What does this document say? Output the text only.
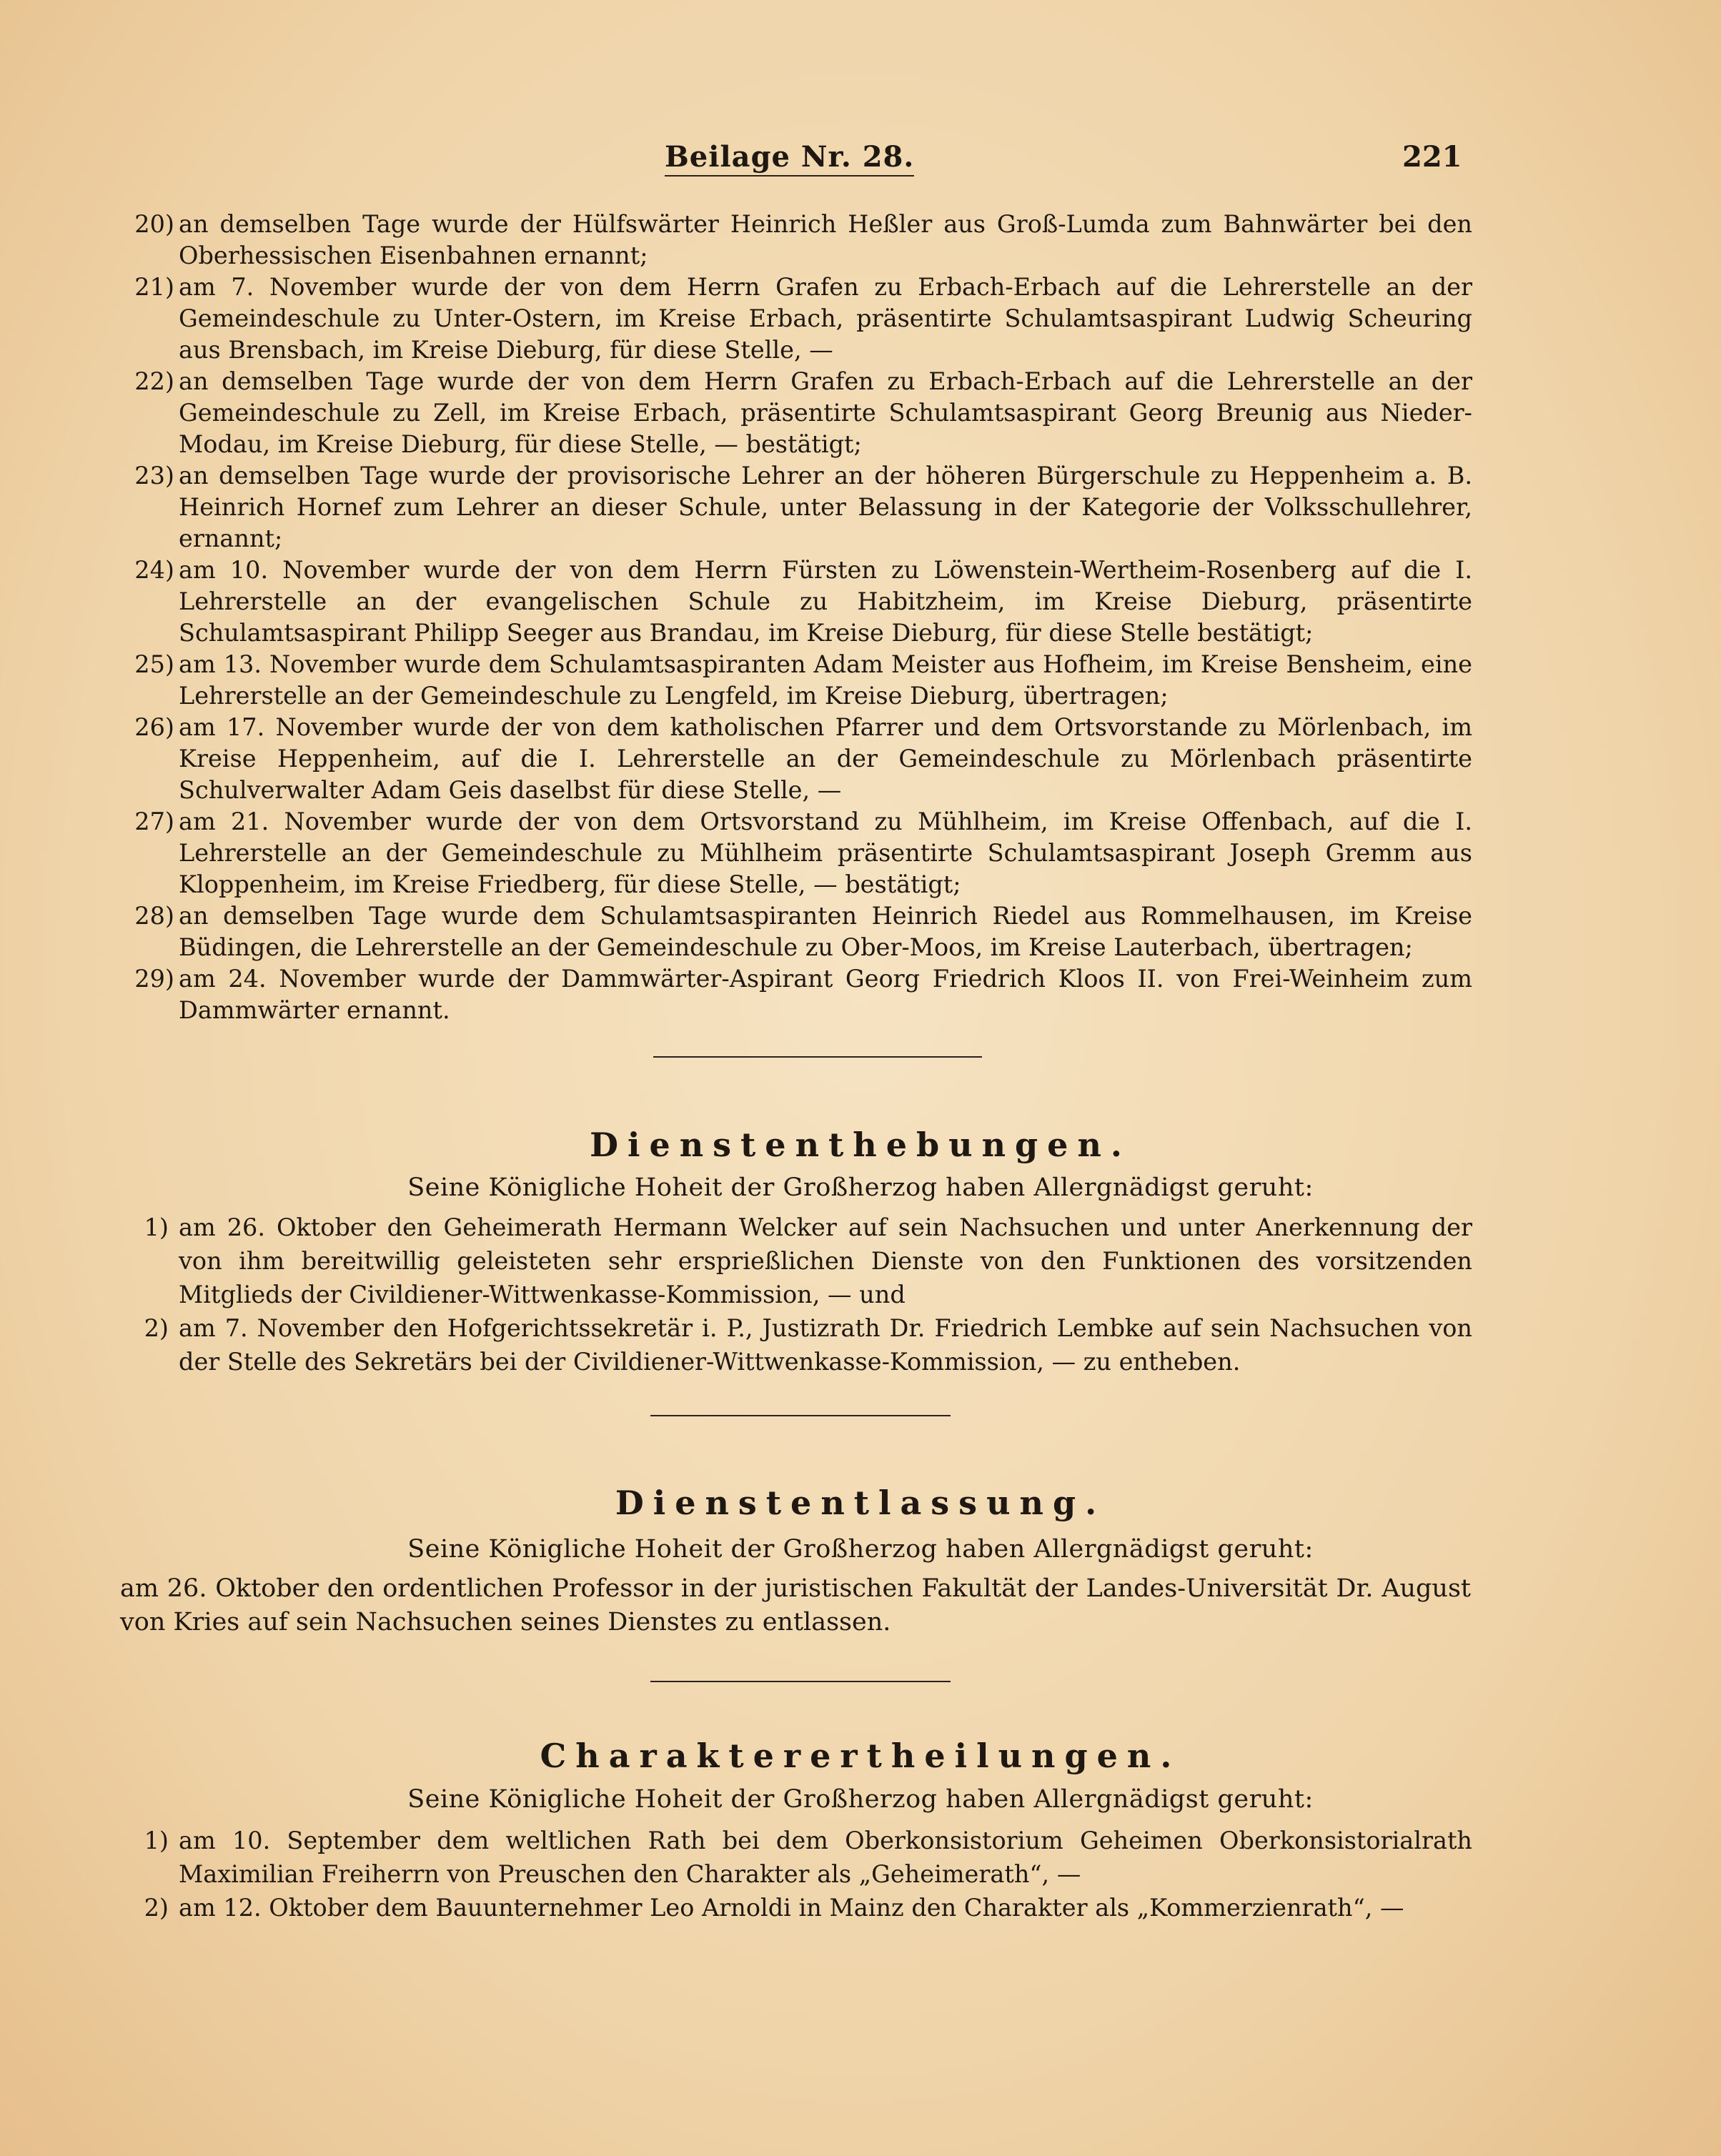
Beilage Nr. 28.	221
20) an demselben Tage wurde der Hülfswärter Heinrich Heßler aus Groß-Lumda zum Bahnwärter bei den Oberhessischen Eisenbahnen ernannt;
21) am 7. November wurde der von dem Herrn Grafen zu Erbach-Erbach auf die Lehrerstelle an der Gemeindeschule zu Unter-Ostern, im Kreise Erbach, präsentirte Schulamtsaspirant Ludwig Scheuring aus Brensbach, im Kreise Dieburg, für diese Stelle, —
22) an demselben Tage wurde der von dem Herrn Grafen zu Erbach-Erbach auf die Lehrerstelle an der Gemeindeschule zu Zell, im Kreise Erbach, präsentirte Schulamtsaspirant Georg Breunig aus Nieder-Modau, im Kreise Dieburg, für diese Stelle, — bestätigt;
23) an demselben Tage wurde der provisorische Lehrer an der höheren Bürgerschule zu Heppenheim a. B. Heinrich Hornef zum Lehrer an dieser Schule, unter Belassung in der Kategorie der Volksschullehrer, ernannt;
24) am 10. November wurde der von dem Herrn Fürsten zu Löwenstein-Wertheim-Rosenberg auf die I. Lehrerstelle an der evangelischen Schule zu Habitzheim, im Kreise Dieburg, präsentirte Schulamtsaspirant Philipp Seeger aus Brandau, im Kreise Dieburg, für diese Stelle bestätigt;
25) am 13. November wurde dem Schulamtsaspiranten Adam Meister aus Hofheim, im Kreise Bensheim, eine Lehrerstelle an der Gemeindeschule zu Lengfeld, im Kreise Dieburg, übertragen;
26) am 17. November wurde der von dem katholischen Pfarrer und dem Ortsvorstande zu Mörlenbach, im Kreise Heppenheim, auf die I. Lehrerstelle an der Gemeindeschule zu Mörlenbach präsentirte Schulverwalter Adam Geis daselbst für diese Stelle, —
27) am 21. November wurde der von dem Ortsvorstand zu Mühlheim, im Kreise Offenbach, auf die I. Lehrerstelle an der Gemeindeschule zu Mühlheim präsentirte Schulamtsaspirant Joseph Gremm aus Kloppenheim, im Kreise Friedberg, für diese Stelle, — bestätigt;
28) an demselben Tage wurde dem Schulamtsaspiranten Heinrich Riedel aus Rommelhausen, im Kreise Büdingen, die Lehrerstelle an der Gemeindeschule zu Ober-Moos, im Kreise Lauterbach, übertragen;
29) am 24. November wurde der Dammwärter-Aspirant Georg Friedrich Kloos II. von Frei-Weinheim zum Dammwärter ernannt.
Dienstenthebungen.
Seine Königliche Hoheit der Großherzog haben Allergnädigst geruht:
1) am 26. Oktober den Geheimerath Hermann Welcker auf sein Nachsuchen und unter Anerkennung der von ihm bereitwillig geleisteten sehr ersprießlichen Dienste von den Funktionen des vorsitzenden Mitglieds der Civildiener-Wittwenkasse-Kommission, — und
2) am 7. November den Hofgerichtssekretär i. P., Justizrath Dr. Friedrich Lembke auf sein Nachsuchen von der Stelle des Sekretärs bei der Civildiener-Wittwenkasse-Kommission, — zu entheben.
Dienstentlassung.
Seine Königliche Hoheit der Großherzog haben Allergnädigst geruht:
am 26. Oktober den ordentlichen Professor in der juristischen Fakultät der Landes-Universität Dr. August von Kries auf sein Nachsuchen seines Dienstes zu entlassen.
Charakterertheilungen.
Seine Königliche Hoheit der Großherzog haben Allergnädigst geruht:
1) am 10. September dem weltlichen Rath bei dem Oberkonsistorium Geheimen Oberkonsistorialrath Maximilian Freiherrn von Preuschen den Charakter als „Geheimerath“, —
2) am 12. Oktober dem Bauunternehmer Leo Arnoldi in Mainz den Charakter als „Kommerzienrath“, —
